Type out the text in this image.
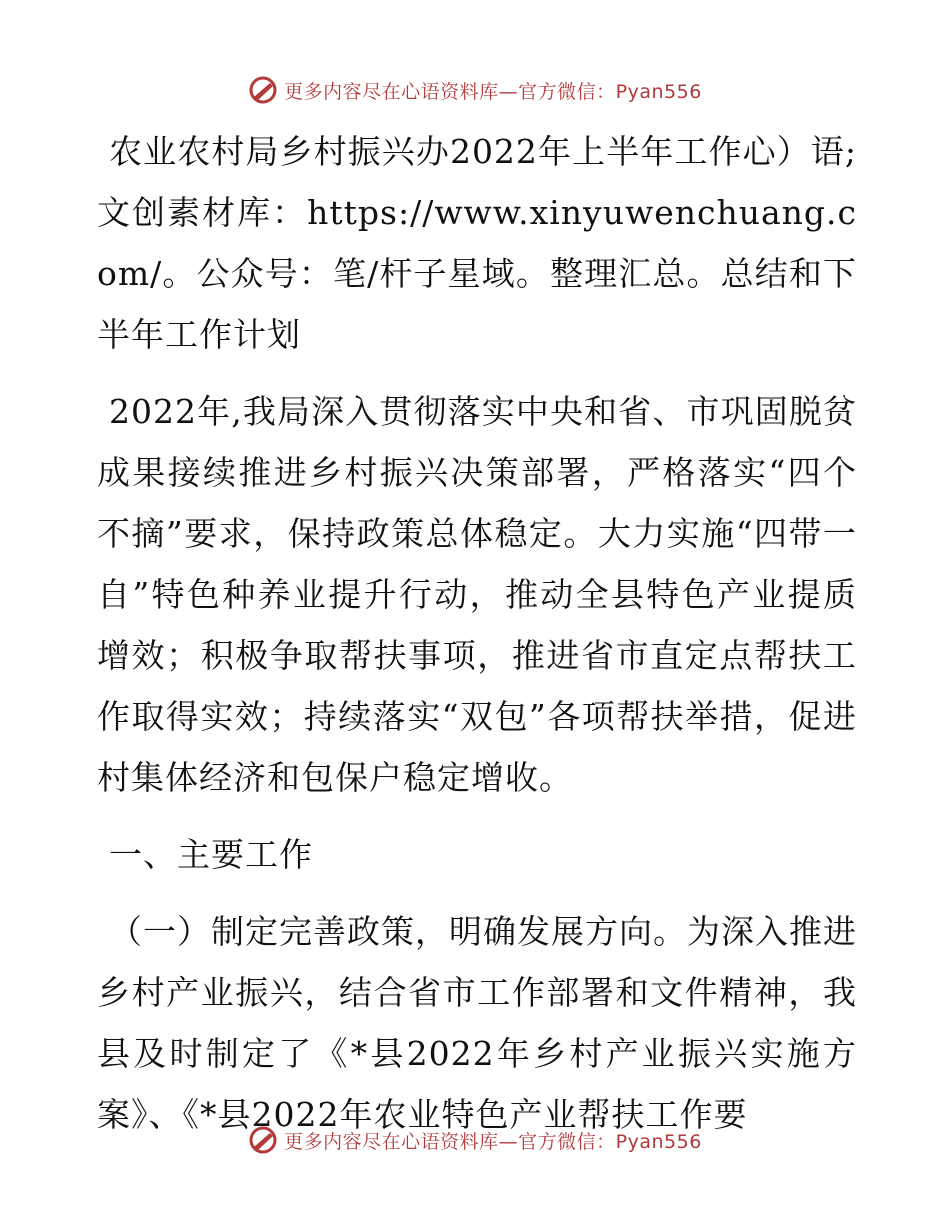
更多内容尽在心语资料库—官方微信：Pyan556

农业农村局乡村振兴办2022年上半年工作心）语;文创素材库：https://www.xinyuwenchuang.com/。公众号：笔/杆子星域。整理汇总。总结和下半年工作计划

2022年,我局深入贯彻落实中央和省、市巩固脱贫成果接续推进乡村振兴决策部署，严格落实“四个不摘”要求，保持政策总体稳定。大力实施“四带一自”特色种养业提升行动，推动全县特色产业提质增效；积极争取帮扶事项，推进省市直定点帮扶工作取得实效；持续落实“双包”各项帮扶举措，促进村集体经济和包保户稳定增收。

一、主要工作

（一）制定完善政策，明确发展方向。为深入推进乡村产业振兴，结合省市工作部署和文件精神，我县及时制定了《*县2022年乡村产业振兴实施方案》、《*县2022年农业特色产业帮扶工作要

更多内容尽在心语资料库—官方微信：Pyan556
